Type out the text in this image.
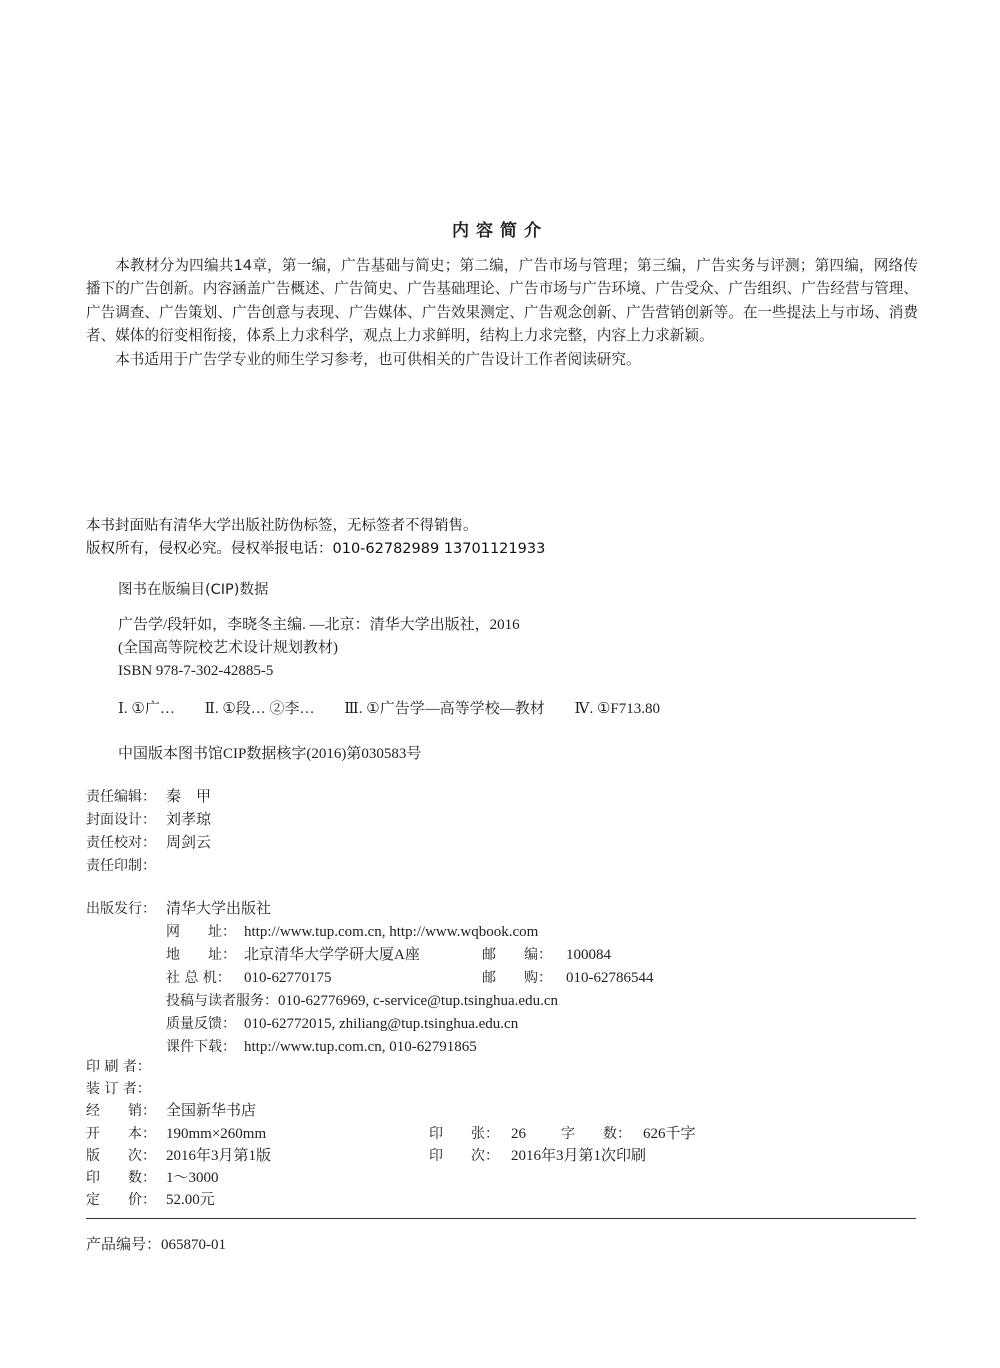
内容简介

本教材分为四编共14章，第一编，广告基础与简史；第二编，广告市场与管理；第三编，广告实务与评测；第四编，网络传播下的广告创新。内容涵盖广告概述、广告简史、广告基础理论、广告市场与广告环境、广告受众、广告组织、广告经营与管理、广告调查、广告策划、广告创意与表现、广告媒体、广告效果测定、广告观念创新、广告营销创新等。在一些提法上与市场、消费者、媒体的衍变相衔接，体系上力求科学，观点上力求鲜明，结构上力求完整，内容上力求新颖。

本书适用于广告学专业的师生学习参考，也可供相关的广告设计工作者阅读研究。

本书封面贴有清华大学出版社防伪标签，无标签者不得销售。
版权所有，侵权必究。侵权举报电话：010-62782989 13701121933
图书在版编目(CIP)数据
广告学/段轩如，李晓冬主编. —北京：清华大学出版社，2016
(全国高等院校艺术设计规划教材)
ISBN 978-7-302-42885-5
Ⅰ. ①广… Ⅱ. ①段… ②李… Ⅲ. ①广告学—高等学校—教材 Ⅳ. ①F713.80
中国版本图书馆CIP数据核字(2016)第030583号
责任编辑： 秦　甲
封面设计： 刘孝琼
责任校对： 周剑云
责任印制：
出版发行： 清华大学出版社
网　　址： http://www.tup.com.cn, http://www.wqbook.com
地　　址： 北京清华大学学研大厦A座	邮　　编： 100084
社 总 机： 010-62770175	邮　　购： 010-62786544
投稿与读者服务： 010-62776969, c-service@tup.tsinghua.edu.cn
质量反馈： 010-62772015, zhiliang@tup.tsinghua.edu.cn
课件下载： http://www.tup.com.cn, 010-62791865
印 刷 者：
装 订 者：
经　　销： 全国新华书店
开　　本： 190mm×260mm	印　　张： 26	字　　数： 626千字
版　　次： 2016年3月第1版	印　　次： 2016年3月第1次印刷
印　　数： 1～3000
定　　价： 52.00元
产品编号：065870-01
